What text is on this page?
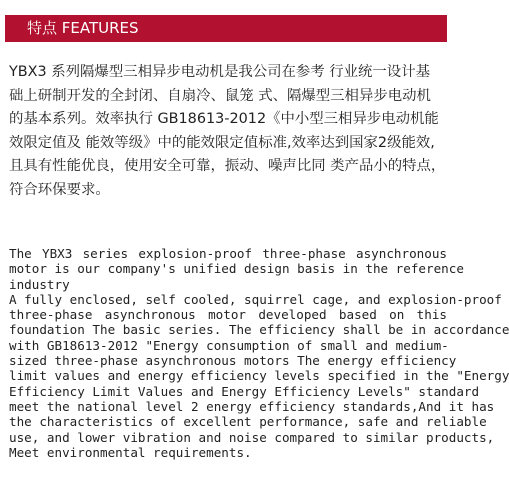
特点 FEATURES
YBX3 系列隔爆型三相异步电动机是我公司在参考 行业统一设计基
础上研制开发的全封闭、自扇冷、鼠笼 式、隔爆型三相异步电动机
的基本系列。效率执行 GB18613-2012《中小型三相异步电动机能
效限定值及 能效等级》中的能效限定值标准,效率达到国家2级能效,
且具有性能优良，使用安全可靠，振动、噪声比同 类产品小的特点，
符合环保要求。
The YBX3 series explosion-proof three-phase asynchronous
motor is our company's unified design basis in the reference
industry
A fully enclosed, self cooled, squirrel cage, and explosion-proof
three-phase asynchronous motor developed based on this
foundation The basic series. The efficiency shall be in accordance
with GB18613-2012 "Energy consumption of small and medium-
sized three-phase asynchronous motors The energy efficiency
limit values and energy efficiency levels specified in the "Energy
Efficiency Limit Values and Energy Efficiency Levels" standard
meet the national level 2 energy efficiency standards,And it has
the characteristics of excellent performance, safe and reliable
use, and lower vibration and noise compared to similar products,
Meet environmental requirements.
